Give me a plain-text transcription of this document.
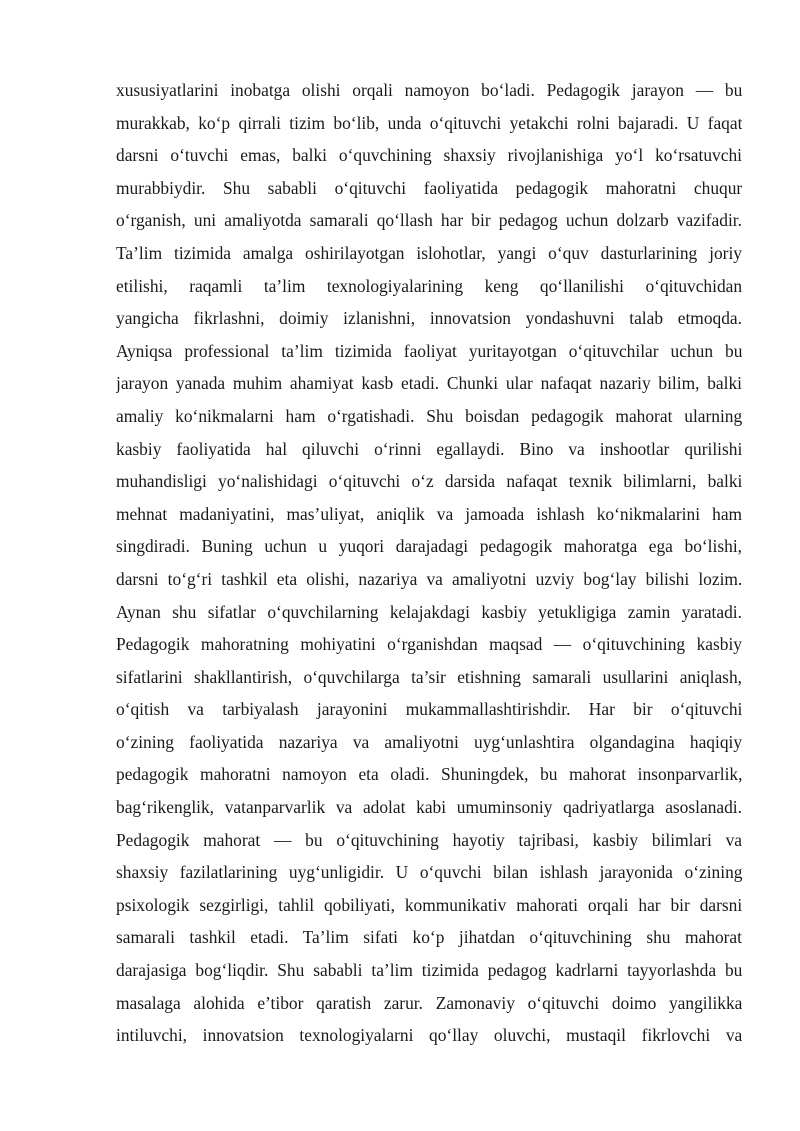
xususiyatlarini inobatga olishi orqali namoyon bo‘ladi. Pedagogik jarayon — bu
murakkab, ko‘p qirrali tizim bo‘lib, unda o‘qituvchi yetakchi rolni bajaradi. U faqat
darsni o‘tuvchi emas, balki o‘quvchining shaxsiy rivojlanishiga yo‘l ko‘rsatuvchi
murabbiydir. Shu sababli o‘qituvchi faoliyatida pedagogik mahoratni chuqur
o‘rganish, uni amaliyotda samarali qo‘llash har bir pedagog uchun dolzarb vazifadir.
Ta’lim tizimida amalga oshirilayotgan islohotlar, yangi o‘quv dasturlarining joriy
etilishi, raqamli ta’lim texnologiyalarining keng qo‘llanilishi o‘qituvchidan
yangicha fikrlashni, doimiy izlanishni, innovatsion yondashuvni talab etmoqda.
Ayniqsa professional ta’lim tizimida faoliyat yuritayotgan o‘qituvchilar uchun bu
jarayon yanada muhim ahamiyat kasb etadi. Chunki ular nafaqat nazariy bilim, balki
amaliy ko‘nikmalarni ham o‘rgatishadi. Shu boisdan pedagogik mahorat ularning
kasbiy faoliyatida hal qiluvchi o‘rinni egallaydi. Bino va inshootlar qurilishi
muhandisligi yo‘nalishidagi o‘qituvchi o‘z darsida nafaqat texnik bilimlarni, balki
mehnat madaniyatini, mas’uliyat, aniqlik va jamoada ishlash ko‘nikmalarini ham
singdiradi. Buning uchun u yuqori darajadagi pedagogik mahoratga ega bo‘lishi,
darsni to‘g‘ri tashkil eta olishi, nazariya va amaliyotni uzviy bog‘lay bilishi lozim.
Aynan shu sifatlar o‘quvchilarning kelajakdagi kasbiy yetukligiga zamin yaratadi.
Pedagogik mahoratning mohiyatini o‘rganishdan maqsad — o‘qituvchining kasbiy
sifatlarini shakllantirish, o‘quvchilarga ta’sir etishning samarali usullarini aniqlash,
o‘qitish va tarbiyalash jarayonini mukammallashtirishdir. Har bir o‘qituvchi
o‘zining faoliyatida nazariya va amaliyotni uyg‘unlashtira olgandagina haqiqiy
pedagogik mahoratni namoyon eta oladi. Shuningdek, bu mahorat insonparvarlik,
bag‘rikenglik, vatanparvarlik va adolat kabi umuminsoniy qadriyatlarga asoslanadi.
Pedagogik mahorat — bu o‘qituvchining hayotiy tajribasi, kasbiy bilimlari va
shaxsiy fazilatlarining uyg‘unligidir. U o‘quvchi bilan ishlash jarayonida o‘zining
psixologik sezgirligi, tahlil qobiliyati, kommunikativ mahorati orqali har bir darsni
samarali tashkil etadi. Ta’lim sifati ko‘p jihatdan o‘qituvchining shu mahorat
darajasiga bog‘liqdir. Shu sababli ta’lim tizimida pedagog kadrlarni tayyorlashda bu
masalaga alohida e’tibor qaratish zarur. Zamonaviy o‘qituvchi doimo yangilikka
intiluvchi, innovatsion texnologiyalarni qo‘llay oluvchi, mustaqil fikrlovchi va
